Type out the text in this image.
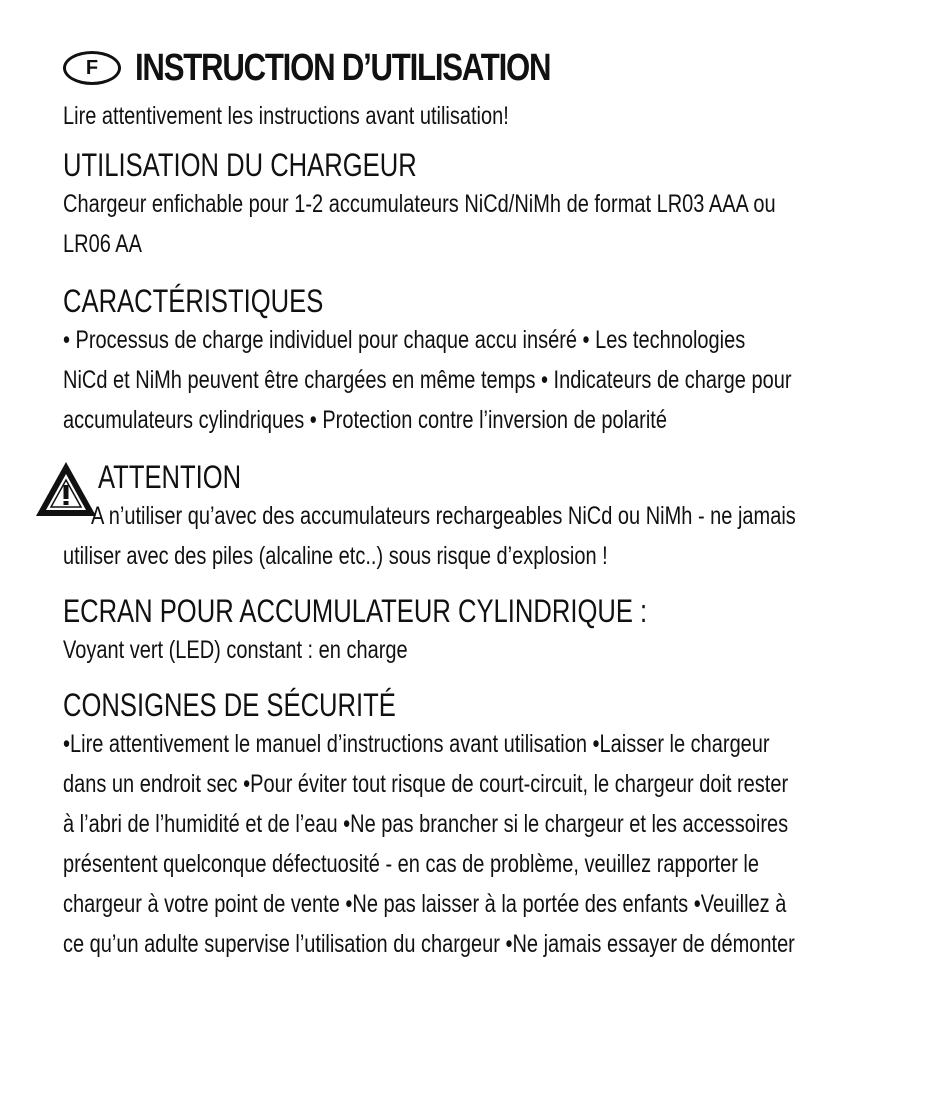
F INSTRUCTION D’UTILISATION
Lire attentivement les instructions avant utilisation!
UTILISATION DU CHARGEUR
Chargeur enfichable pour 1-2 accumulateurs NiCd/NiMh de format LR03 AAA ou
LR06 AA
CARACTÉRISTIQUES
• Processus de charge individuel pour chaque accu inséré • Les technologies
NiCd et NiMh peuvent être chargées en même temps • Indicateurs de charge pour
accumulateurs cylindriques • Protection contre l’inversion de polarité
ATTENTION
A n’utiliser qu’avec des accumulateurs rechargeables NiCd ou NiMh - ne jamais
utiliser avec des piles (alcaline etc..) sous risque d’explosion !
ECRAN POUR ACCUMULATEUR CYLINDRIQUE :
Voyant vert (LED) constant : en charge
CONSIGNES DE SÉCURITÉ
•Lire attentivement le manuel d’instructions avant utilisation •Laisser le chargeur
dans un endroit sec •Pour éviter tout risque de court-circuit, le chargeur doit rester
à l’abri de l’humidité et de l’eau •Ne pas brancher si le chargeur et les accessoires
présentent quelconque défectuosité - en cas de problème, veuillez rapporter le
chargeur à votre point de vente •Ne pas laisser à la portée des enfants •Veuillez à
ce qu’un adulte supervise l’utilisation du chargeur •Ne jamais essayer de démonter
